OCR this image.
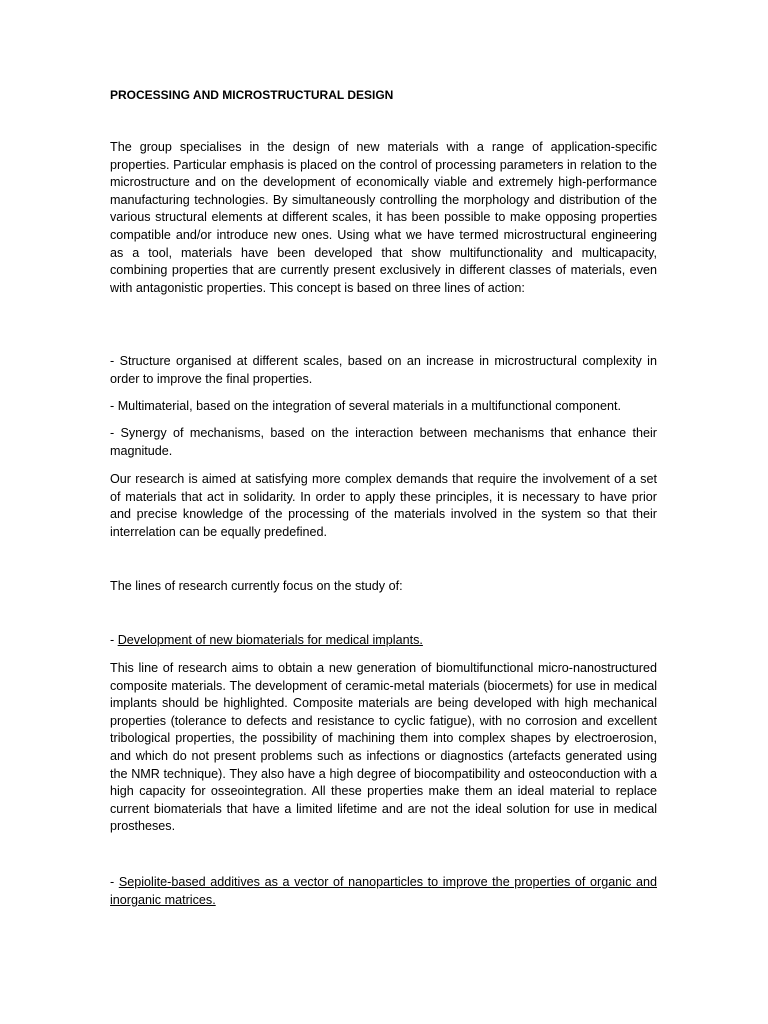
PROCESSING AND MICROSTRUCTURAL DESIGN

The group specialises in the design of new materials with a range of application-specific properties. Particular emphasis is placed on the control of processing parameters in relation to the microstructure and on the development of economically viable and extremely high-performance manufacturing technologies. By simultaneously controlling the morphology and distribution of the various structural elements at different scales, it has been possible to make opposing properties compatible and/or introduce new ones. Using what we have termed microstructural engineering as a tool, materials have been developed that show multifunctionality and multicapacity, combining properties that are currently present exclusively in different classes of materials, even with antagonistic properties. This concept is based on three lines of action:

- Structure organised at different scales, based on an increase in microstructural complexity in order to improve the final properties.

- Multimaterial, based on the integration of several materials in a multifunctional component.

- Synergy of mechanisms, based on the interaction between mechanisms that enhance their magnitude.

Our research is aimed at satisfying more complex demands that require the involvement of a set of materials that act in solidarity. In order to apply these principles, it is necessary to have prior and precise knowledge of the processing of the materials involved in the system so that their interrelation can be equally predefined.

The lines of research currently focus on the study of:

- Development of new biomaterials for medical implants.

This line of research aims to obtain a new generation of biomultifunctional micro-nanostructured composite materials. The development of ceramic-metal materials (biocermets) for use in medical implants should be highlighted. Composite materials are being developed with high mechanical properties (tolerance to defects and resistance to cyclic fatigue), with no corrosion and excellent tribological properties, the possibility of machining them into complex shapes by electroerosion, and which do not present problems such as infections or diagnostics (artefacts generated using the NMR technique). They also have a high degree of biocompatibility and osteoconduction with a high capacity for osseointegration. All these properties make them an ideal material to replace current biomaterials that have a limited lifetime and are not the ideal solution for use in medical prostheses.

- Sepiolite-based additives as a vector of nanoparticles to improve the properties of organic and inorganic matrices.
